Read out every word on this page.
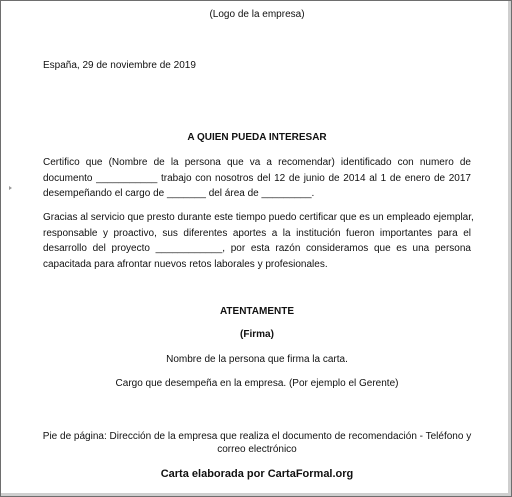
(Logo de la empresa)

España, 29 de noviembre de 2019

A QUIEN PUEDA INTERESAR

Certifico que (Nombre de la persona que va a recomendar) identificado con numero de
documento ___________ trabajo con nosotros del 12 de junio de 2014 al 1 de enero de 2017
desempeñando el cargo de _______ del área de _________.
Gracias al servicio que presto durante este tiempo puedo certificar que es un empleado ejemplar,
responsable y proactivo, sus diferentes aportes a la institución fueron importantes para el
desarrollo del proyecto ____________, por esta razón consideramos que es una persona
capacitada para afrontar nuevos retos laborales y profesionales.

ATENTAMENTE

(Firma)

Nombre de la persona que firma la carta.

Cargo que desempeña en la empresa. (Por ejemplo el Gerente)

Pie de página: Dirección de la empresa que realiza el documento de recomendación - Teléfono y

correo electrónico

Carta elaborada por CartaFormal.org
